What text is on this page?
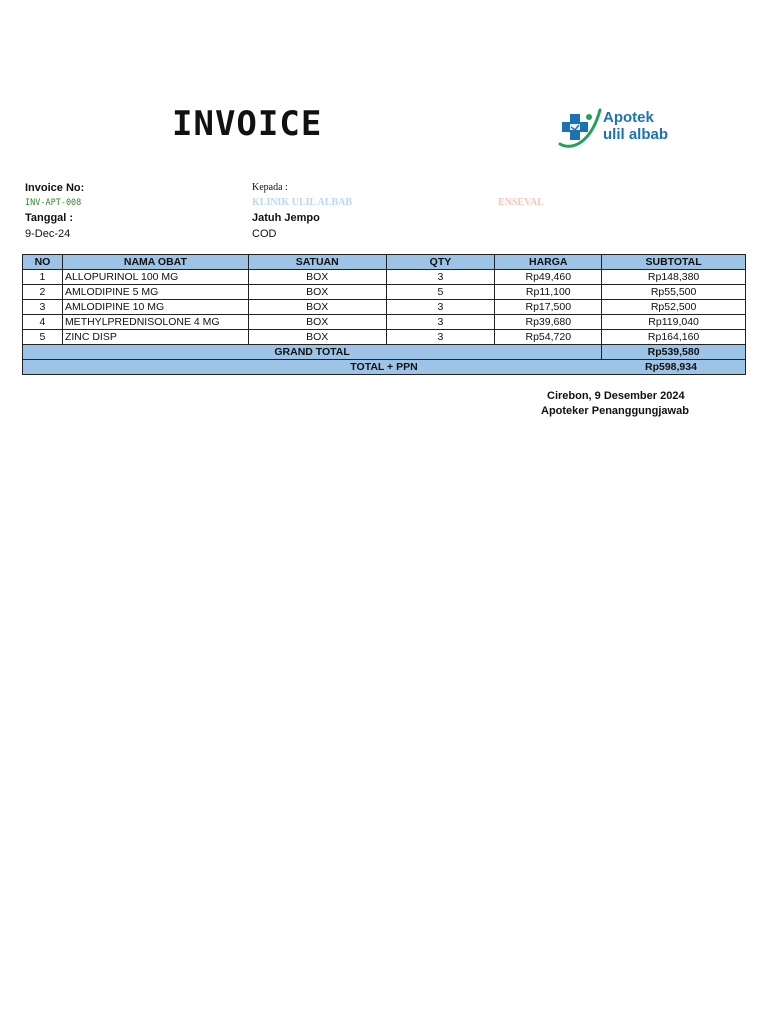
INVOICE	Apotek
ulil albab
Invoice No:
INV-APT-008
Tanggal :
9-Dec-24
Kepada :
KLINIK ULIL ALBAB	ENSEVAL
Jatuh Jempo
COD
NO	NAMA OBAT	SATUAN	QTY	HARGA	SUBTOTAL
1	ALLOPURINOL 100 MG	BOX	3	Rp49,460	Rp148,380
2	AMLODIPINE 5 MG	BOX	5	Rp11,100	Rp55,500
3	AMLODIPINE 10 MG	BOX	3	Rp17,500	Rp52,500
4	METHYLPREDNISOLONE 4 MG	BOX	3	Rp39,680	Rp119,040
5	ZINC DISP	BOX	3	Rp54,720	Rp164,160
GRAND TOTAL					Rp539,580
TOTAL + PPN						Rp598,934
Cirebon, 9 Desember 2024
Apoteker Penanggungjawab
